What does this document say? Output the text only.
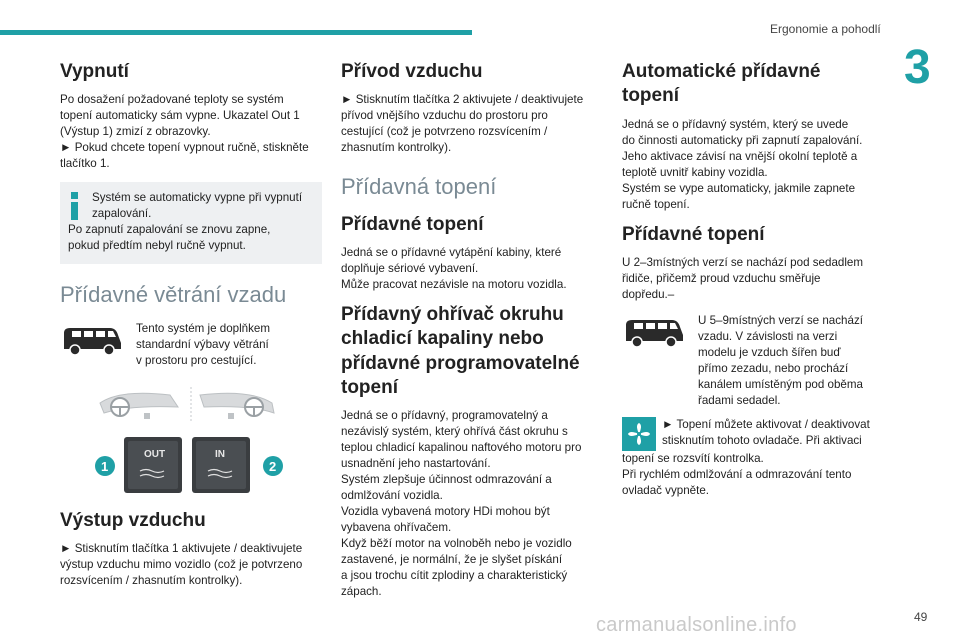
Ergonomie a pohodlí
3
Vypnutí

Po dosažení požadované teploty se systém
topení automaticky sám vypne. Ukazatel Out 1
(Výstup 1) zmizí z obrazovky.
► Pokud chcete topení vypnout ručně, stiskněte
tlačítko 1.

Systém se automaticky vypne při vypnutí
zapalování.
Po zapnutí zapalování se znovu zapne,
pokud předtím nebyl ručně vypnut.

Přídavné větrání vzadu

Tento systém je doplňkem
standardní výbavy větrání
v prostoru pro cestující.

OUT	IN
1	2
Výstup vzduchu

► Stisknutím tlačítka 1 aktivujete / deaktivujete
výstup vzduchu mimo vozidlo (což je potvrzeno
rozsvícením / zhasnutím kontrolky).

Přívod vzduchu

► Stisknutím tlačítka 2 aktivujete / deaktivujete
přívod vnějšího vzduchu do prostoru pro
cestující (což je potvrzeno rozsvícením /
zhasnutím kontrolky).

Přídavná topení
Přídavné topení

Jedná se o přídavné vytápění kabiny, které
doplňuje sériové vybavení.
Může pracovat nezávisle na motoru vozidla.

Přídavný ohřívač okruhu
chladicí kapaliny nebo
přídavné programovatelné
topení

Jedná se o přídavný, programovatelný a
nezávislý systém, který ohřívá část okruhu s
teplou chladicí kapalinou naftového motoru pro
usnadnění jeho nastartování.
Systém zlepšuje účinnost odmrazování a
odmlžování vozidla.
Vozidla vybavená motory HDi mohou být
vybavena ohřívačem.
Když běží motor na volnoběh nebo je vozidlo
zastavené, je normální, že je slyšet pískání
a jsou trochu cítit zplodiny a charakteristický
zápach.

Automatické přídavné
topení

Jedná se o přídavný systém, který se uvede
do činnosti automaticky při zapnutí zapalování.
Jeho aktivace závisí na vnější okolní teplotě a
teplotě uvnitř kabiny vozidla.
Systém se vype automaticky, jakmile zapnete
ručně topení.

Přídavné topení

U 2–3místných verzí se nachází pod sedadlem
řidiče, přičemž proud vzduchu směřuje
dopředu.–

U 5–9místných verzí se nachází
vzadu. V závislosti na verzi
modelu je vzduch šířen buď
přímo zezadu, nebo prochází
kanálem umístěným pod oběma
řadami sedadel.

► Topení můžete aktivovat / deaktivovat
stisknutím tohoto ovladače. Při aktivaci

topení se rozsvítí kontrolka.
Při rychlém odmlžování a odmrazování tento
ovladač vypněte.

carmanualsonline.info	49
